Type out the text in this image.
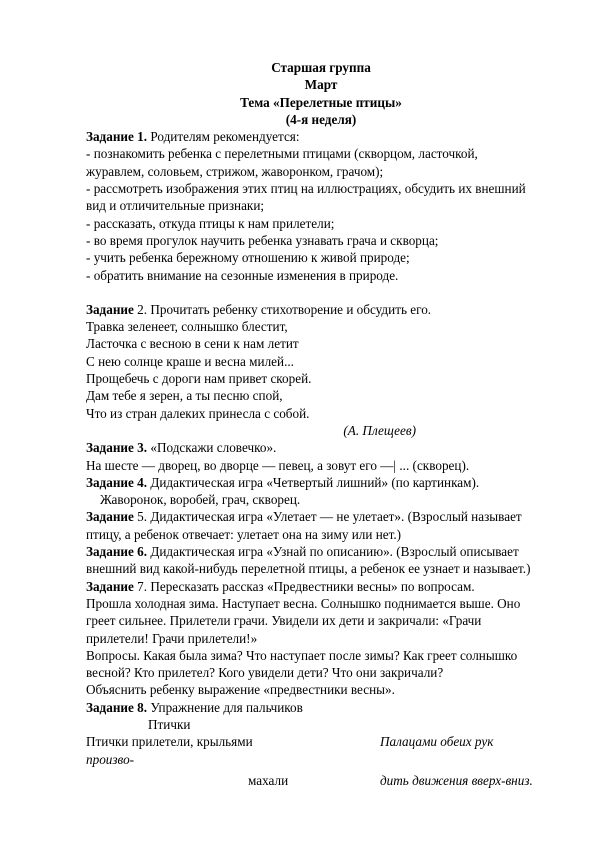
Старшая группа
Март
Тема «Перелетные птицы»
(4-я неделя)
Задание 1. Родителям рекомендуется:
- познакомить ребенка с перелетными птицами (скворцом, ласточкой,
журавлем, соловьем, стрижом, жаворонком, грачом);
- рассмотреть изображения этих птиц на иллюстрациях, обсудить их внешний
вид и отличительные признаки;
- рассказать, откуда птицы к нам прилетели;
- во время прогулок научить ребенка узнавать грача и скворца;
- учить ребенка бережному отношению к живой природе;
- обратить внимание на сезонные изменения в природе.
Задание 2. Прочитать ребенку стихотворение и обсудить его.
Травка зеленеет, солнышко блестит,
Ласточка с весною в сени к нам летит
С нею солнце краше и весна милей...
Прощебечь с дороги нам привет скорей.
Дам тебе я зерен, а ты песню спой,
Что из стран далеких принесла с собой.
(А. Плещеев)
Задание 3. «Подскажи словечко».
На шесте — дворец, во дворце — певец, а зовут его —| ... (скворец).
Задание 4. Дидактическая игра «Четвертый лишний» (по картинкам).
Жаворонок, воробей, грач, скворец.
Задание 5. Дидактическая игра «Улетает — не улетает». (Взрослый называет
птицу, а ребенок отвечает: улетает она на зиму или нет.)
Задание 6. Дидактическая игра «Узнай по описанию». (Взрослый описывает
внешний вид какой-нибудь перелетной птицы, а ребенок ее узнает и называет.)
Задание 7. Пересказать рассказ «Предвестники весны» по вопросам.
Прошла холодная зима. Наступает весна. Солнышко поднимается выше. Оно
греет сильнее. Прилетели грачи. Увидели их дети и закричали: «Грачи
прилетели! Грачи прилетели!»
Вопросы. Какая была зима? Что наступает после зимы? Как греет солнышко
весной? Кто прилетел? Кого увидели дети? Что они закричали?
Объяснить ребенку выражение «предвестники весны».
Задание 8. Упражнение для пальчиков
Птички
Птички прилетели, крыльями	Палацами обеих рук
произво-
махали	дить движения вверх-вниз.
